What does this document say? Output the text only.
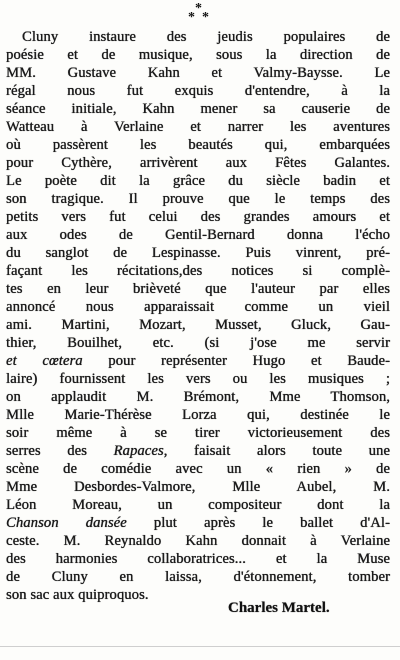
*
* *
Cluny instaure des jeudis populaires de
poésie et de musique, sous la direction de
MM. Gustave Kahn et Valmy-Baysse. Le
régal nous fut exquis d'entendre, à la
séance initiale, Kahn mener sa causerie de
Watteau à Verlaine et narrer les aventures
où passèrent les beautés qui, embarquées
pour Cythère, arrivèrent aux Fêtes Galantes.
Le poète dit la grâce du siècle badin et
son tragique. Il prouve que le temps des
petits vers fut celui des grandes amours et
aux odes de Gentil-Bernard donna l'écho
du sanglot de Lespinasse. Puis vinrent, pré-
façant les récitations,des notices si complè-
tes en leur brièveté que l'auteur par elles
annoncé nous apparaissait comme un vieil
ami. Martini, Mozart, Musset, Gluck, Gau-
thier, Bouilhet, etc. (si j'ose me servir
et cœtera pour représenter Hugo et Baude-
laire) fournissent les vers ou les musiques ;
on applaudit M. Brémont, Mme Thomson,
Mlle Marie-Thérèse Lorza qui, destinée le
soir même à se tirer victorieusement des
serres des Rapaces, faisait alors toute une
scène de comédie avec un « rien » de
Mme Desbordes-Valmore, Mlle Aubel, M.
Léon Moreau, un compositeur dont la
Chanson dansée plut après le ballet d'Al-
ceste. M. Reynaldo Kahn donnait à Verlaine
des harmonies collaboratrices... et la Muse
de Cluny en laissa, d'étonnement, tomber
son sac aux quiproquos.
Charles Martel.
